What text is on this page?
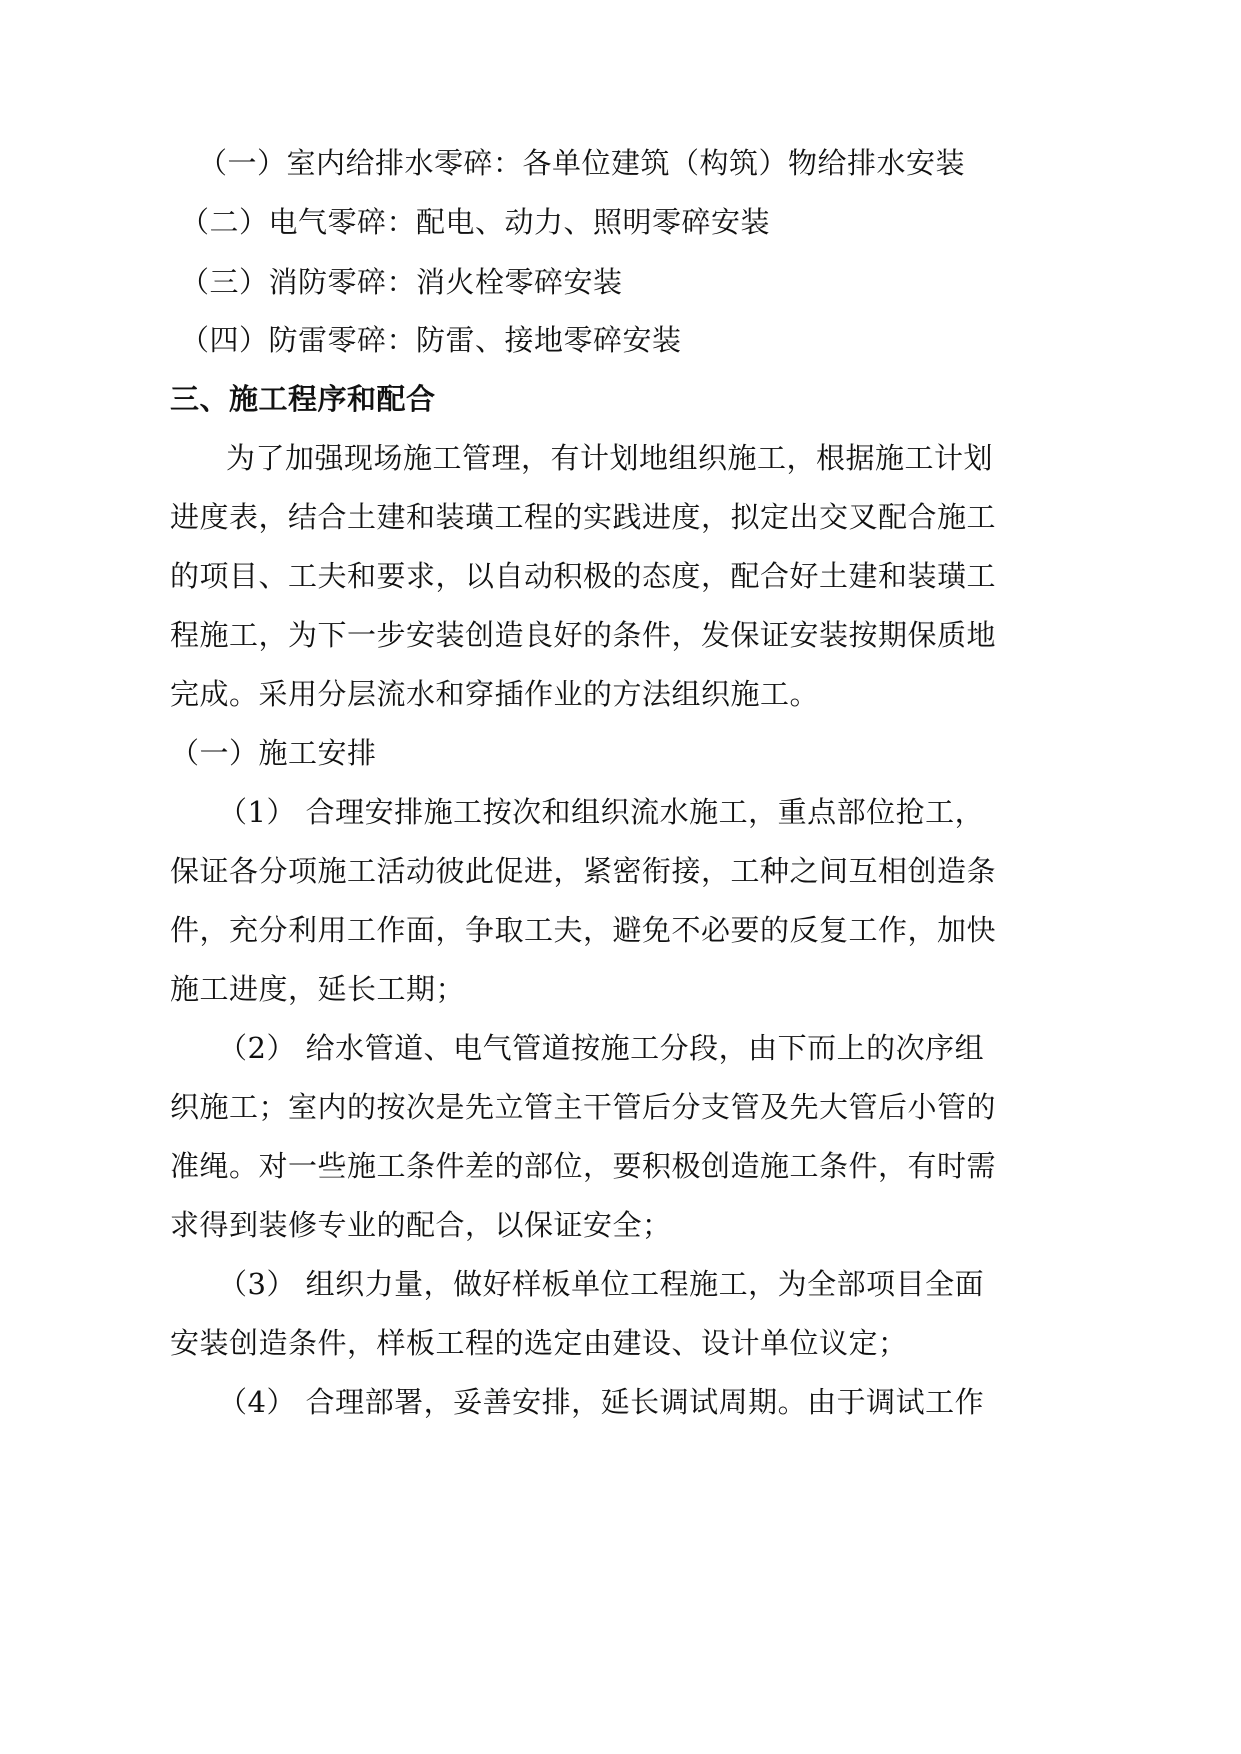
（一）室内给排水零碎：各单位建筑（构筑）物给排水安装
（二）电气零碎：配电、动力、照明零碎安装
（三）消防零碎：消火栓零碎安装
（四）防雷零碎：防雷、接地零碎安装
三、施工程序和配合
为了加强现场施工管理，有计划地组织施工，根据施工计划
进度表，结合土建和装璜工程的实践进度，拟定出交叉配合施工
的项目、工夫和要求，以自动积极的态度，配合好土建和装璜工
程施工，为下一步安装创造良好的条件，发保证安装按期保质地
完成。采用分层流水和穿插作业的方法组织施工。
（一）施工安排
（1） 合理安排施工按次和组织流水施工，重点部位抢工，
保证各分项施工活动彼此促进，紧密衔接，工种之间互相创造条
件，充分利用工作面，争取工夫，避免不必要的反复工作，加快
施工进度，延长工期；
（2） 给水管道、电气管道按施工分段，由下而上的次序组
织施工；室内的按次是先立管主干管后分支管及先大管后小管的
准绳。对一些施工条件差的部位，要积极创造施工条件，有时需
求得到装修专业的配合，以保证安全；
（3） 组织力量，做好样板单位工程施工，为全部项目全面
安装创造条件，样板工程的选定由建设、设计单位议定；
（4） 合理部署，妥善安排，延长调试周期。由于调试工作
